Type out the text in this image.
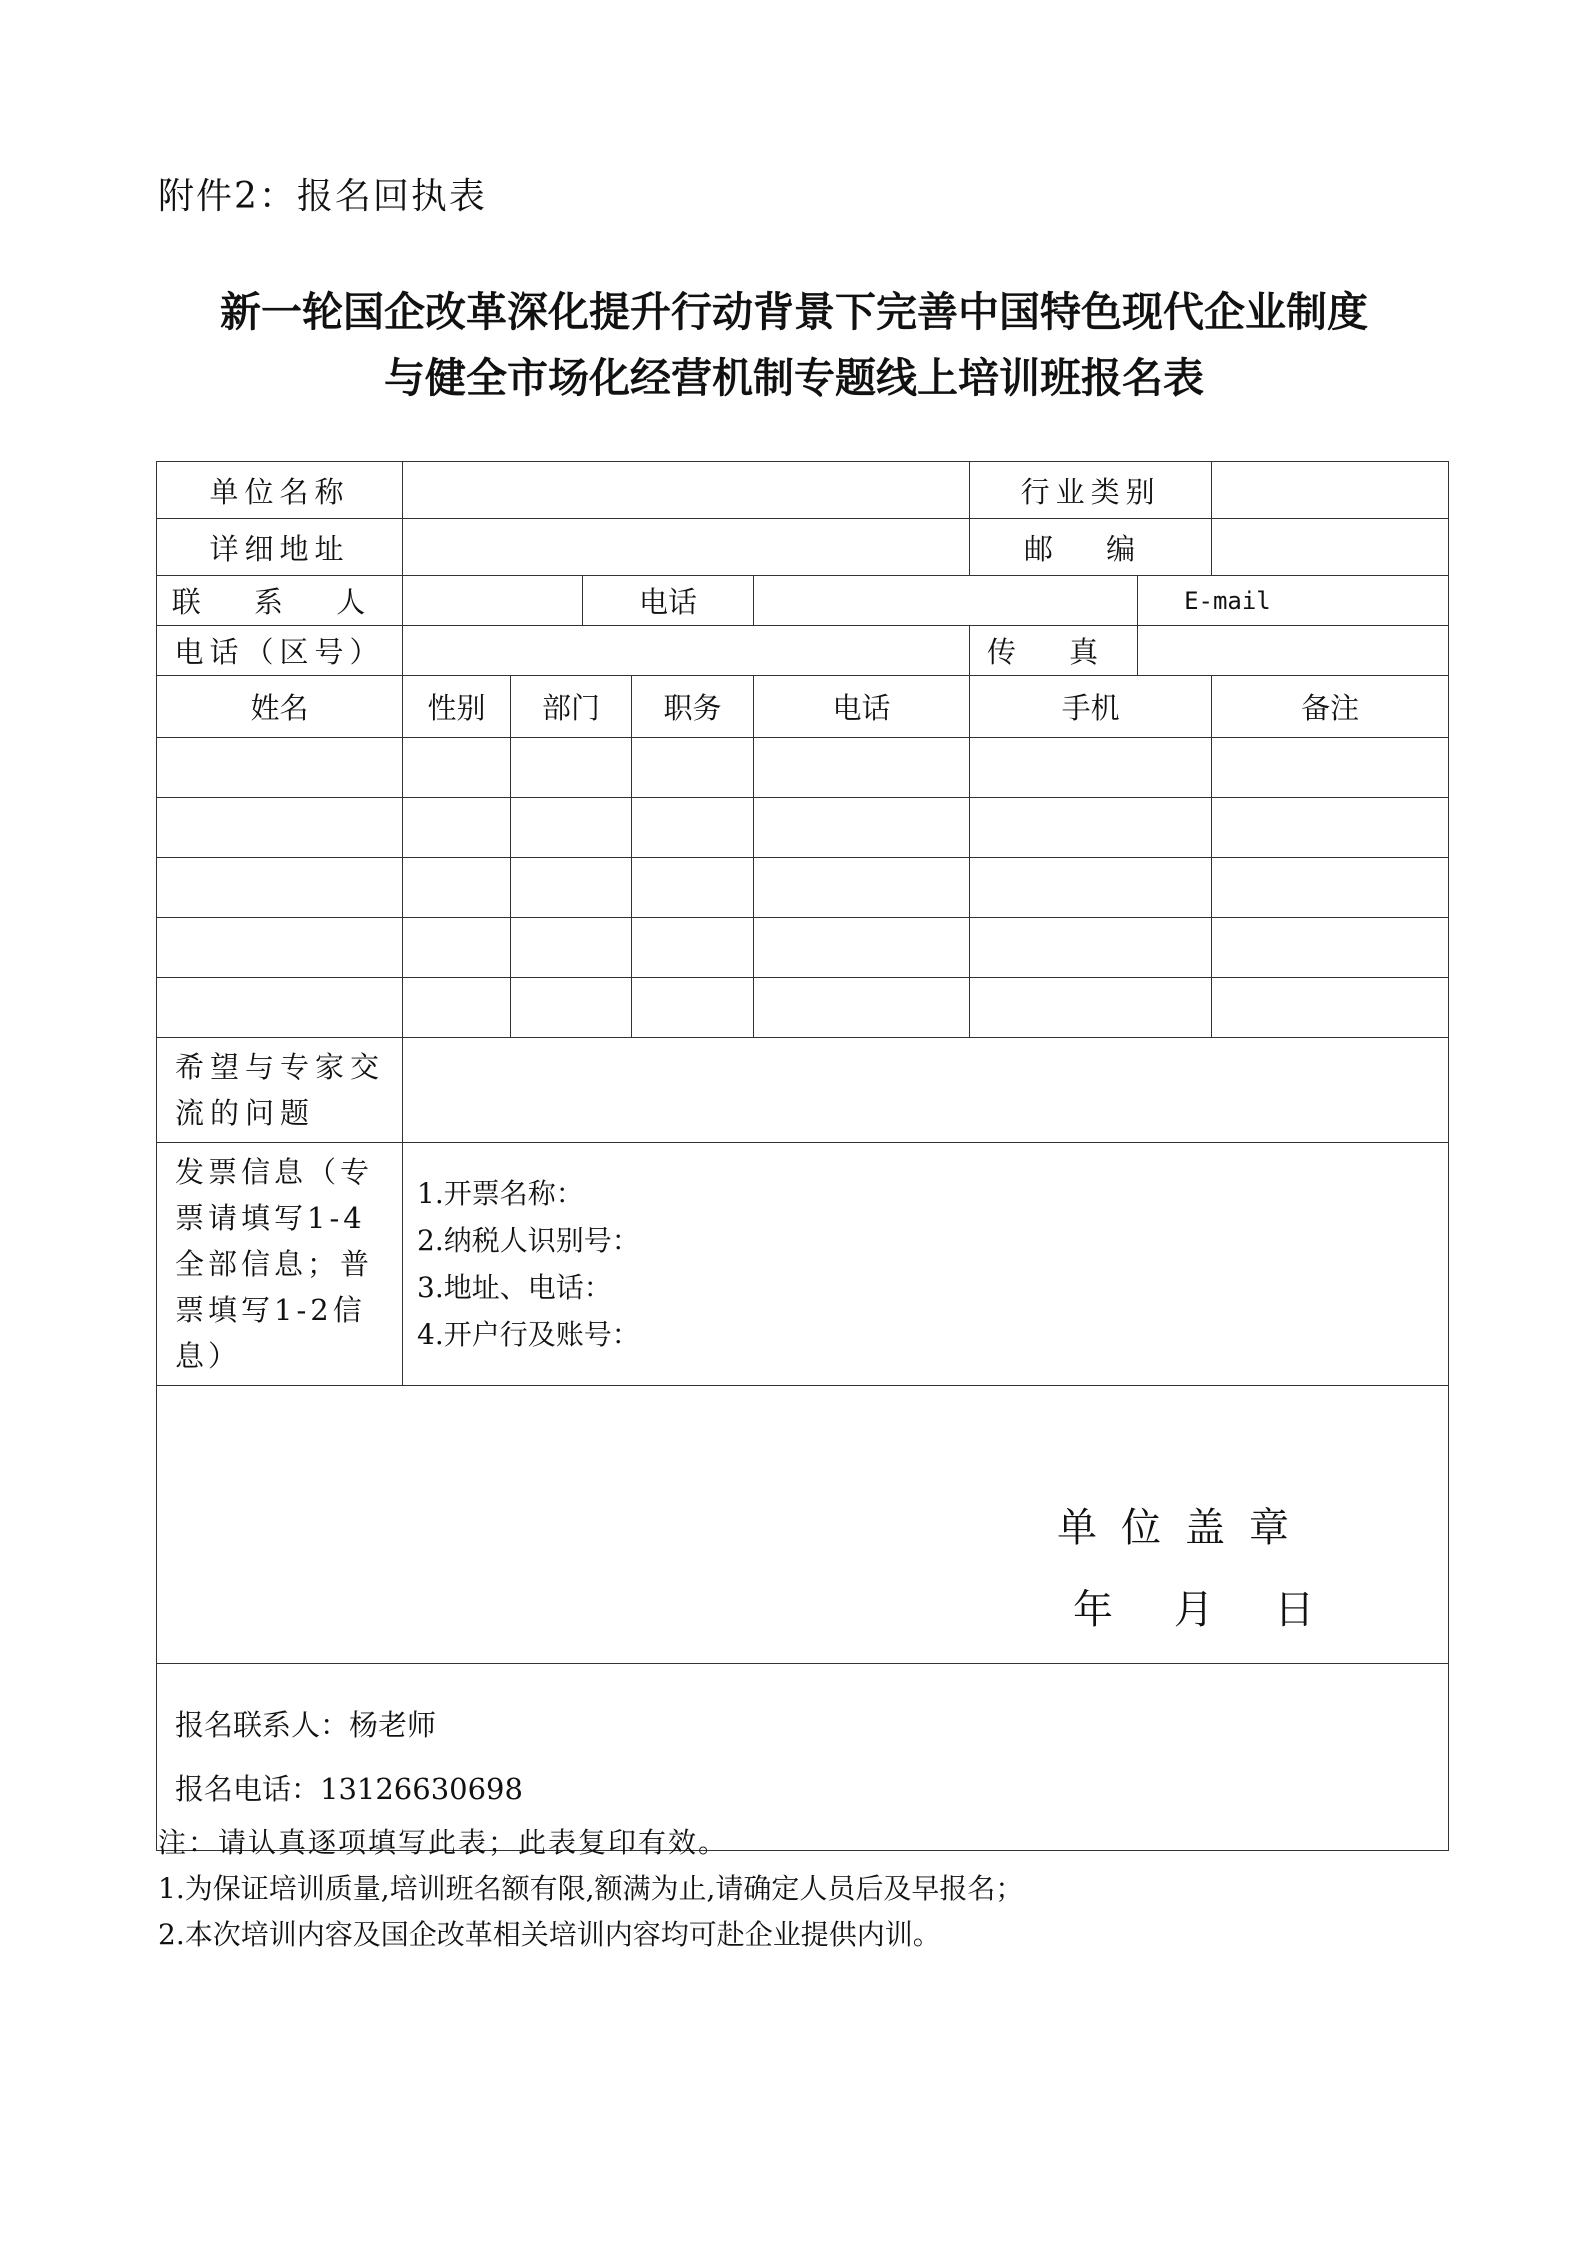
附件2：报名回执表
新一轮国企改革深化提升行动背景下完善中国特色现代企业制度
与健全市场化经营机制专题线上培训班报名表
单位名称						行业类别		
详细地址						邮 编		
联 系 人			电话				E-mail	
电话（区号）						传 真		
姓名	性别	部门		职务	电话	手机		备注

希望与专家交流的问题								
发票信息（专票请填写1-4全部信息；普票填写1-2信息）	1.开票名称：
2.纳税人识别号：
3.地址、电话：
4.开户行及账号：							

单位盖章
年 月 日								

报名联系人：杨老师
报名电话：13126630698								
注：请认真逐项填写此表；此表复印有效。
1.为保证培训质量,培训班名额有限,额满为止,请确定人员后及早报名；
2.本次培训内容及国企改革相关培训内容均可赴企业提供内训。
